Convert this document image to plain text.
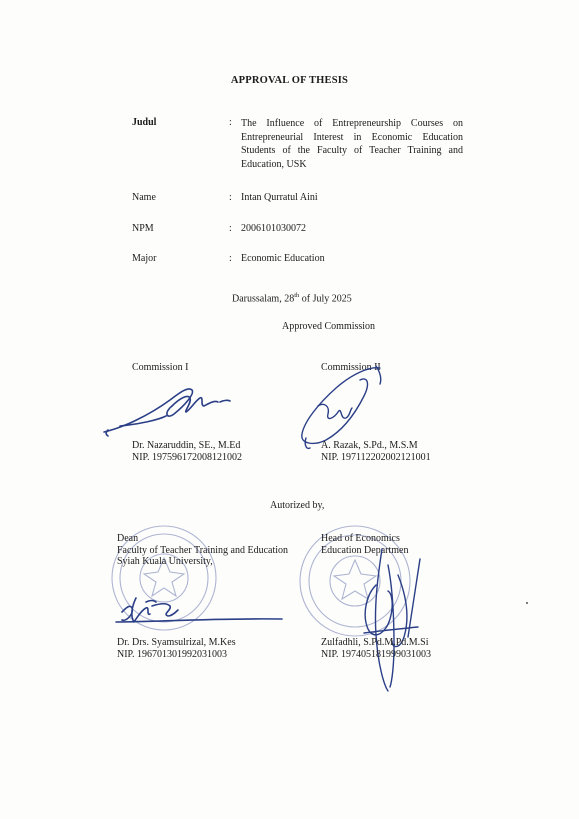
APPROVAL OF THESIS
Judul	: The Influence of Entrepreneurship Courses on Entrepreneurial Interest in Economic Education Students of the Faculty of Teacher Training and Education, USK
Name	: Intan Qurratul Aini
NPM	: 2006101030072
Major	: Economic Education
Darussalam, 28th of July 2025
Approved Commission
Commission I	Commission II
Dr. Nazaruddin, SE., M.Ed
NIP. 197596172008121002
A. Razak, S.Pd., M.S.M
NIP. 197112202002121001
Autorized by,
Dean
Faculty of Teacher Training and Education
Syiah Kuala University,
Head of Economics
Education Departmen
Dr. Drs. Syamsulrizal, M.Kes
NIP. 196701301992031003
Zulfadhli, S.Pd.M.Pd.M.Si
NIP. 197405181999031003
